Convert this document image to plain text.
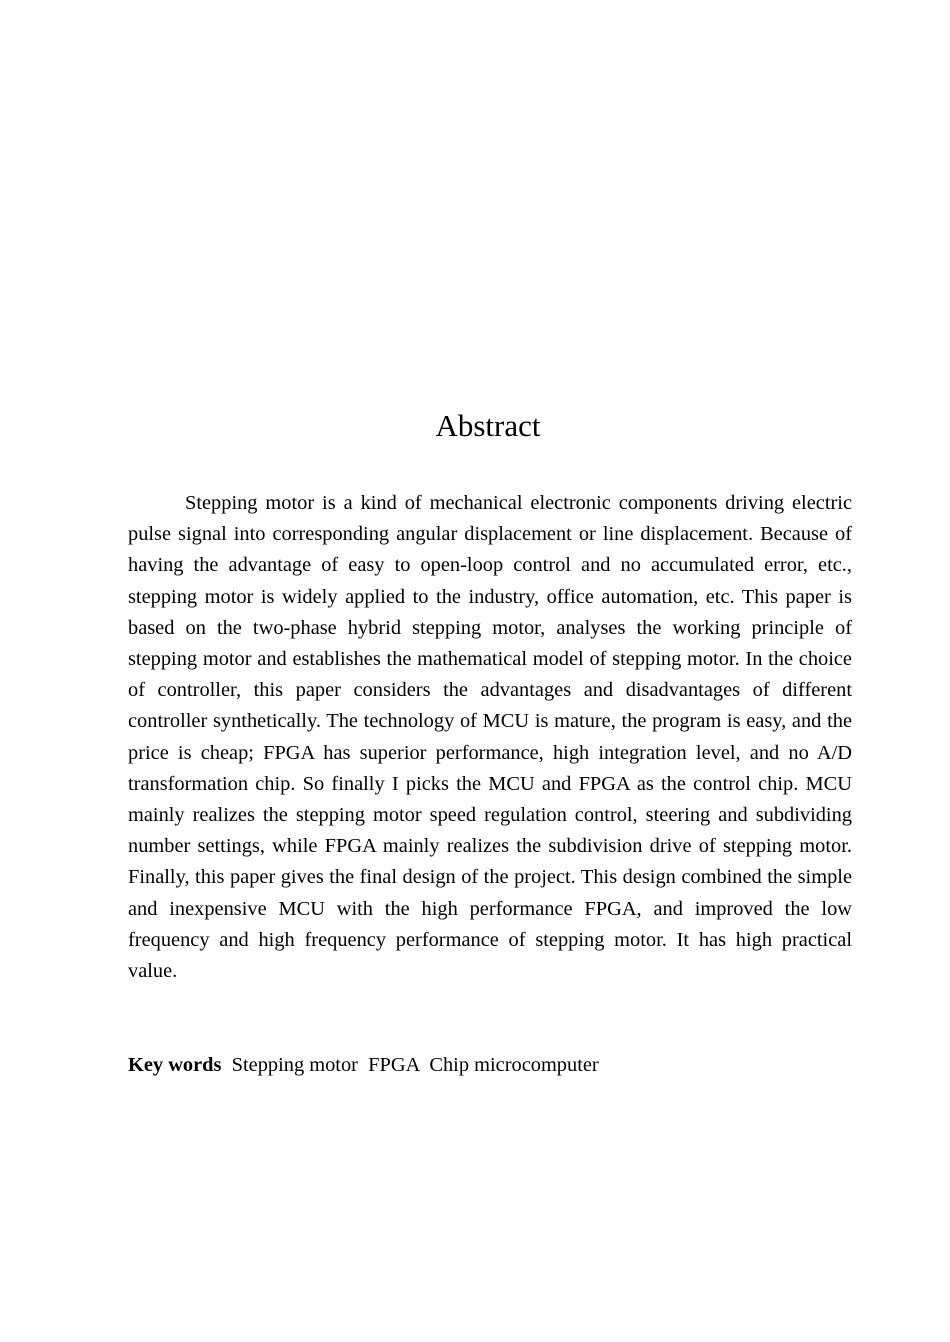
Abstract

Stepping motor is a kind of mechanical electronic components driving electric pulse signal into corresponding angular displacement or line displacement. Because of having the advantage of easy to open-loop control and no accumulated error, etc., stepping motor is widely applied to the industry, office automation, etc. This paper is based on the two-phase hybrid stepping motor, analyses the working principle of stepping motor and establishes the mathematical model of stepping motor. In the choice of controller, this paper considers the advantages and disadvantages of different controller synthetically. The technology of MCU is mature, the program is easy, and the price is cheap; FPGA has superior performance, high integration level, and no A/D transformation chip. So finally I picks the MCU and FPGA as the control chip. MCU mainly realizes the stepping motor speed regulation control, steering and subdividing number settings, while FPGA mainly realizes the subdivision drive of stepping motor. Finally, this paper gives the final design of the project. This design combined the simple and inexpensive MCU with the high performance FPGA, and improved the low frequency and high frequency performance of stepping motor. It has high practical value.

Key words Stepping motor FPGA Chip microcomputer
